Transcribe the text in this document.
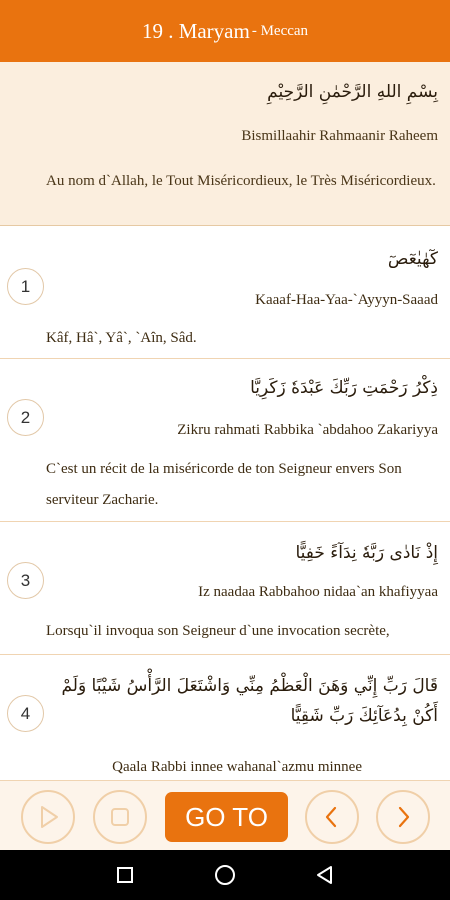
19 . Maryam - Meccan
بِسْمِ اللهِ الرَّحْمٰنِ الرَّحِيْمِ
Bismillaahir Rahmaanir Raheem
Au nom d`Allah, le Tout Miséricordieux, le Très Miséricordieux.
1
كٓهٰيٰعٓصٓ
Kaaaf-Haa-Yaa-`Ayyyn-Saaad
Kâf, Hâ`, Yâ`, `Aîn, Sâd.
2
ذِكْرُ رَحْمَتِ رَبِّكَ عَبْدَهٗ زَكَرِيَّا
Zikru rahmati Rabbika `abdahoo Zakariyya
C`est un récit de la miséricorde de ton Seigneur envers Son serviteur Zacharie.
3
إِذْ نَادٰى رَبَّهٗ نِدَآءً خَفِيًّا
Iz naadaa Rabbahoo nidaa`an khafiyyaa
Lorsqu`il invoqua son Seigneur d`une invocation secrète,
4
قَالَ رَبِّ إِنِّي وَهَنَ الْعَظْمُ مِنِّي وَاشْتَعَلَ الرَّأْسُ شَيْبًا وَلَمْ أَكُنْ بِدُعَآئِكَ رَبِّ شَقِيًّا
Qaala Rabbi innee wahanal`azmu minnee
GO TO
